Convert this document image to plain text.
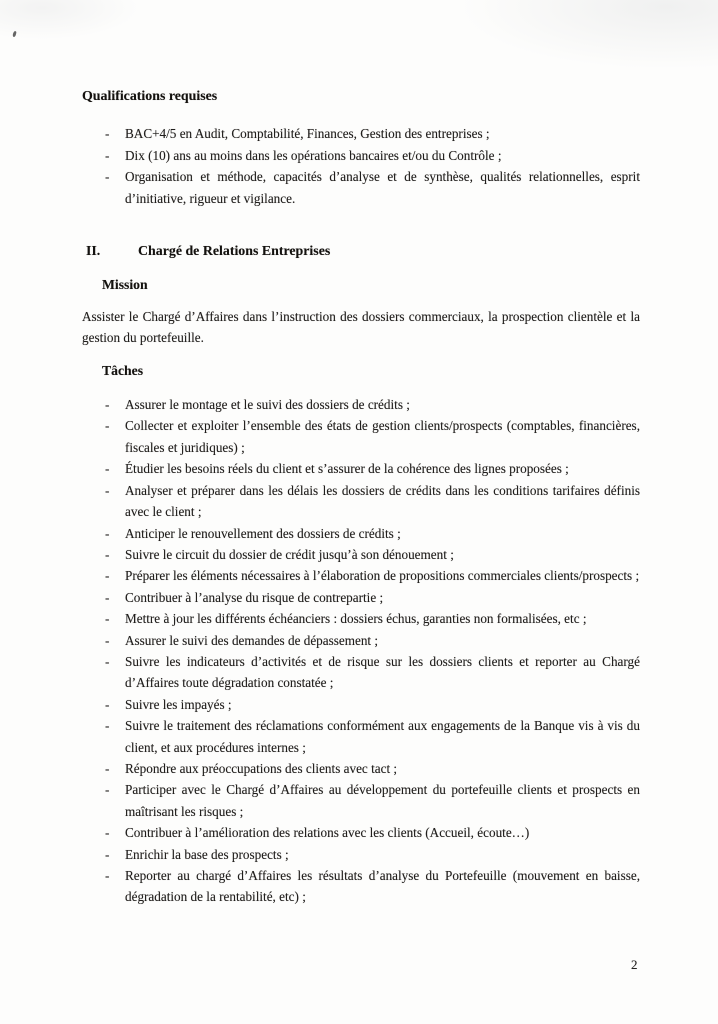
Qualifications requises
- BAC+4/5 en Audit, Comptabilité, Finances, Gestion des entreprises ;
- Dix (10) ans au moins dans les opérations bancaires et/ou du Contrôle ;
- Organisation et méthode, capacités d’analyse et de synthèse, qualités relationnelles, esprit d’initiative, rigueur et vigilance.
II.	Chargé de Relations Entreprises
Mission

Assister le Chargé d’Affaires dans l’instruction des dossiers commerciaux, la prospection clientèle et la gestion du portefeuille.

Tâches
- Assurer le montage et le suivi des dossiers de crédits ;
- Collecter et exploiter l’ensemble des états de gestion clients/prospects (comptables, financières, fiscales et juridiques) ;
- Étudier les besoins réels du client et s’assurer de la cohérence des lignes proposées ;
- Analyser et préparer dans les délais les dossiers de crédits dans les conditions tarifaires définis avec le client ;
- Anticiper le renouvellement des dossiers de crédits ;
- Suivre le circuit du dossier de crédit jusqu’à son dénouement ;
- Préparer les éléments nécessaires à l’élaboration de propositions commerciales clients/prospects ;
- Contribuer à l’analyse du risque de contrepartie ;
- Mettre à jour les différents échéanciers : dossiers échus, garanties non formalisées, etc ;
- Assurer le suivi des demandes de dépassement ;
- Suivre les indicateurs d’activités et de risque sur les dossiers clients et reporter au Chargé d’Affaires toute dégradation constatée ;
- Suivre les impayés ;
- Suivre le traitement des réclamations conformément aux engagements de la Banque vis à vis du client, et aux procédures internes ;
- Répondre aux préoccupations des clients avec tact ;
- Participer avec le Chargé d’Affaires au développement du portefeuille clients et prospects en maîtrisant les risques ;
- Contribuer à l’amélioration des relations avec les clients (Accueil, écoute…)
- Enrichir la base des prospects ;
- Reporter au chargé d’Affaires les résultats d’analyse du Portefeuille (mouvement en baisse, dégradation de la rentabilité, etc) ;
2
